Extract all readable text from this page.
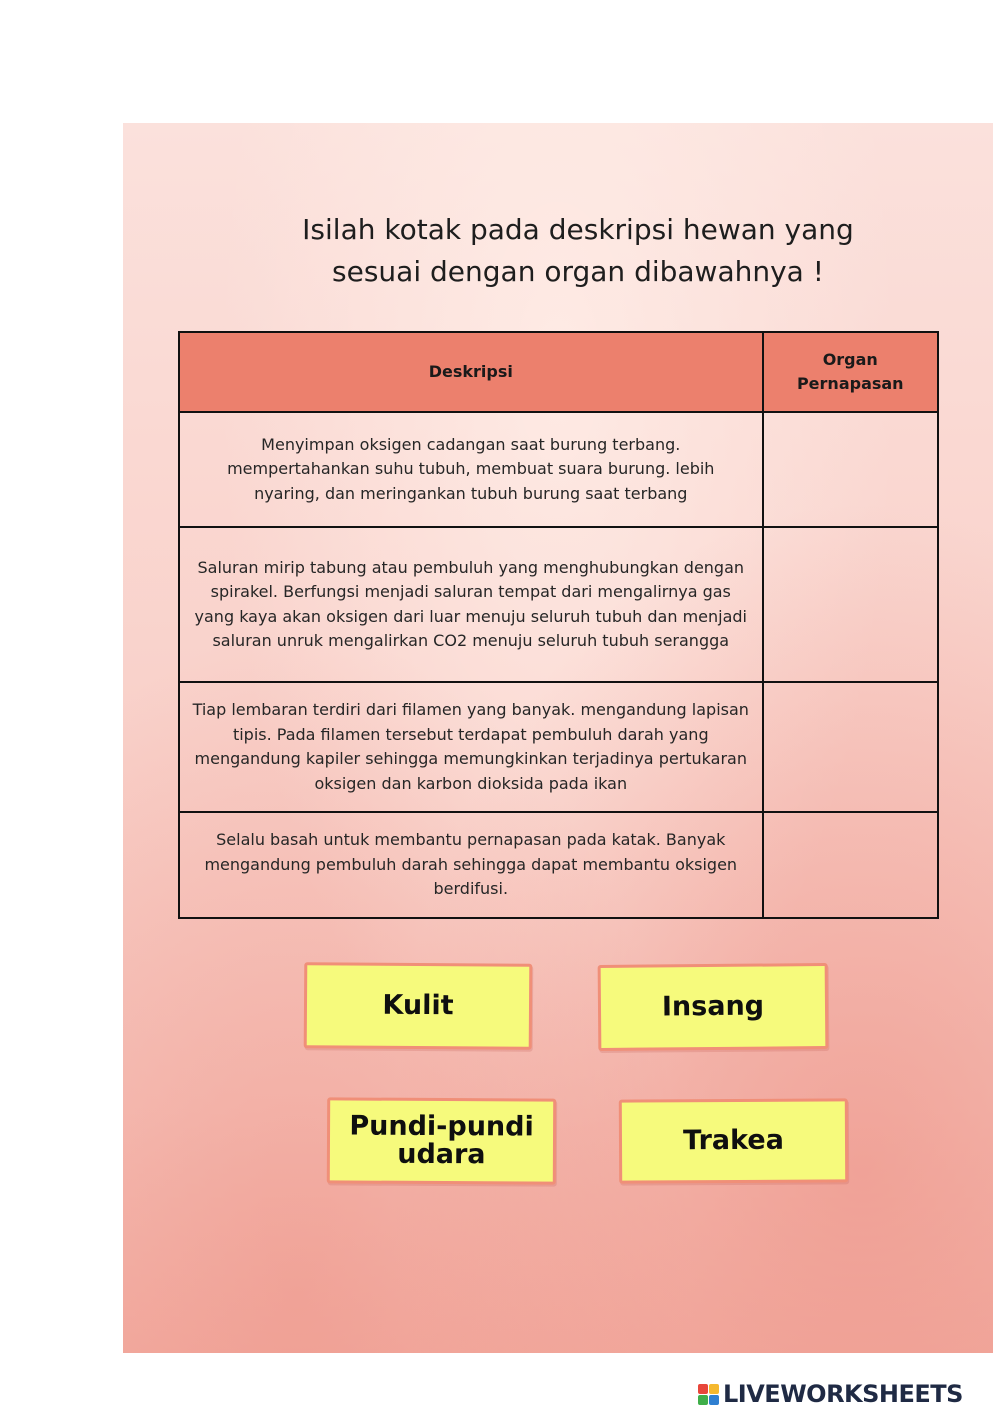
Isilah kotak pada deskripsi hewan yang sesuai dengan organ dibawahnya !
Deskripsi	Organ Pernapasan
Menyimpan oksigen cadangan saat burung terbang. mempertahankan suhu tubuh, membuat suara burung. lebih nyaring, dan meringankan tubuh burung saat terbang	
Saluran mirip tabung atau pembuluh yang menghubungkan dengan spirakel. Berfungsi menjadi saluran tempat dari mengalirnya gas yang kaya akan oksigen dari luar menuju seluruh tubuh dan menjadi saluran unruk mengalirkan CO2 menuju seluruh tubuh serangga	
Tiap lembaran terdiri dari filamen yang banyak. mengandung lapisan tipis. Pada filamen tersebut terdapat pembuluh darah yang mengandung kapiler sehingga memungkinkan terjadinya pertukaran oksigen dan karbon dioksida pada ikan	
Selalu basah untuk membantu pernapasan pada katak. Banyak mengandung pembuluh darah sehingga dapat membantu oksigen berdifusi.	
Kulit	Insang
Pundi-pundi
udara	Trakea
LIVEWORKSHEETS
